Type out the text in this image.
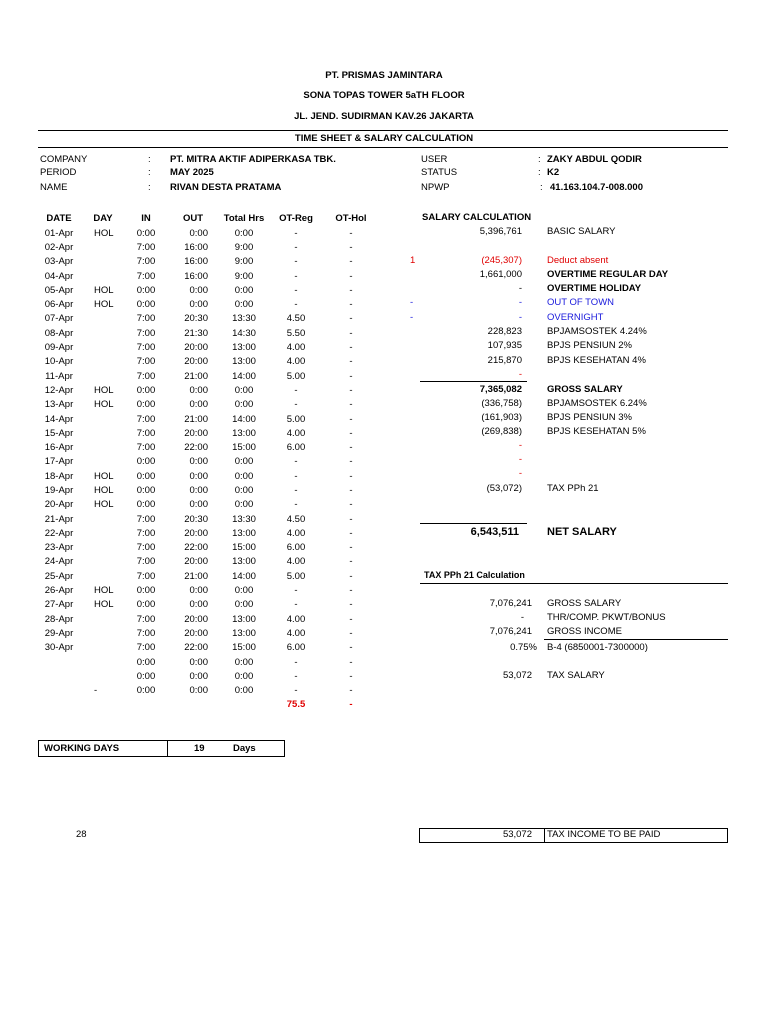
PT. PRISMAS JAMINTARA
SONA TOPAS TOWER 5aTH FLOOR
JL. JEND. SUDIRMAN KAV.26 JAKARTA
TIME SHEET & SALARY CALCULATION
COMPANY	: PT. MITRA AKTIF ADIPERKASA TBK.
PERIOD	: MAY 2025
NAME	: RIVAN DESTA PRATAMA
USER	: ZAKY ABDUL QODIR
STATUS	: K2
NPWP	: 41.163.104.7-008.000
DATE	DAY	IN	OUT	Total Hrs	OT-Reg	OT-Hol
01-Apr	HOL	0:00	0:00	0:00	-	-
02-Apr		7:00	16:00	9:00	-	-
03-Apr		7:00	16:00	9:00	-	-
04-Apr		7:00	16:00	9:00	-	-
05-Apr	HOL	0:00	0:00	0:00	-	-
06-Apr	HOL	0:00	0:00	0:00	-	-
07-Apr		7:00	20:30	13:30	4.50	-
08-Apr		7:00	21:30	14:30	5.50	-
09-Apr		7:00	20:00	13:00	4.00	-
10-Apr		7:00	20:00	13:00	4.00	-
11-Apr		7:00	21:00	14:00	5.00	-
12-Apr	HOL	0:00	0:00	0:00	-	-
13-Apr	HOL	0:00	0:00	0:00	-	-
14-Apr		7:00	21:00	14:00	5.00	-
15-Apr		7:00	20:00	13:00	4.00	-
16-Apr		7:00	22:00	15:00	6.00	-
17-Apr		0:00	0:00	0:00	-	-
18-Apr	HOL	0:00	0:00	0:00	-	-
19-Apr	HOL	0:00	0:00	0:00	-	-
20-Apr	HOL	0:00	0:00	0:00	-	-
21-Apr		7:00	20:30	13:30	4.50	-
22-Apr		7:00	20:00	13:00	4.00	-
23-Apr		7:00	22:00	15:00	6.00	-
24-Apr		7:00	20:00	13:00	4.00	-
25-Apr		7:00	21:00	14:00	5.00	-
26-Apr	HOL	0:00	0:00	0:00	-	-
27-Apr	HOL	0:00	0:00	0:00	-	-
28-Apr		7:00	20:00	13:00	4.00	-
29-Apr		7:00	20:00	13:00	4.00	-
30-Apr		7:00	22:00	15:00	6.00	-
		0:00	0:00	0:00	-	-
		0:00	0:00	0:00	-	-
	-	0:00	0:00	0:00	-	-
					75.5	-
WORKING DAYS	19	Days
28
SALARY CALCULATION
5,396,761	BASIC SALARY
1	(245,307)	Deduct absent
1,661,000	OVERTIME REGULAR DAY
-	OVERTIME HOLIDAY
-	-	OUT OF TOWN
-	-	OVERNIGHT
228,823	BPJAMSOSTEK 4.24%
107,935	BPJS PENSIUN 2%
215,870	BPJS KESEHATAN 4%
-
7,365,082	GROSS SALARY
(336,758)	BPJAMSOSTEK 6.24%
(161,903)	BPJS PENSIUN 3%
(269,838)	BPJS KESEHATAN 5%
-
-
-
(53,072)	TAX PPh 21
6,543,511	NET SALARY
TAX PPh 21 Calculation
7,076,241 GROSS SALARY
- THR/COMP. PKWT/BONUS
7,076,241 GROSS INCOME
0.75% B-4 (6850001-7300000)
53,072 TAX SALARY
53,072 TAX INCOME TO BE PAID
